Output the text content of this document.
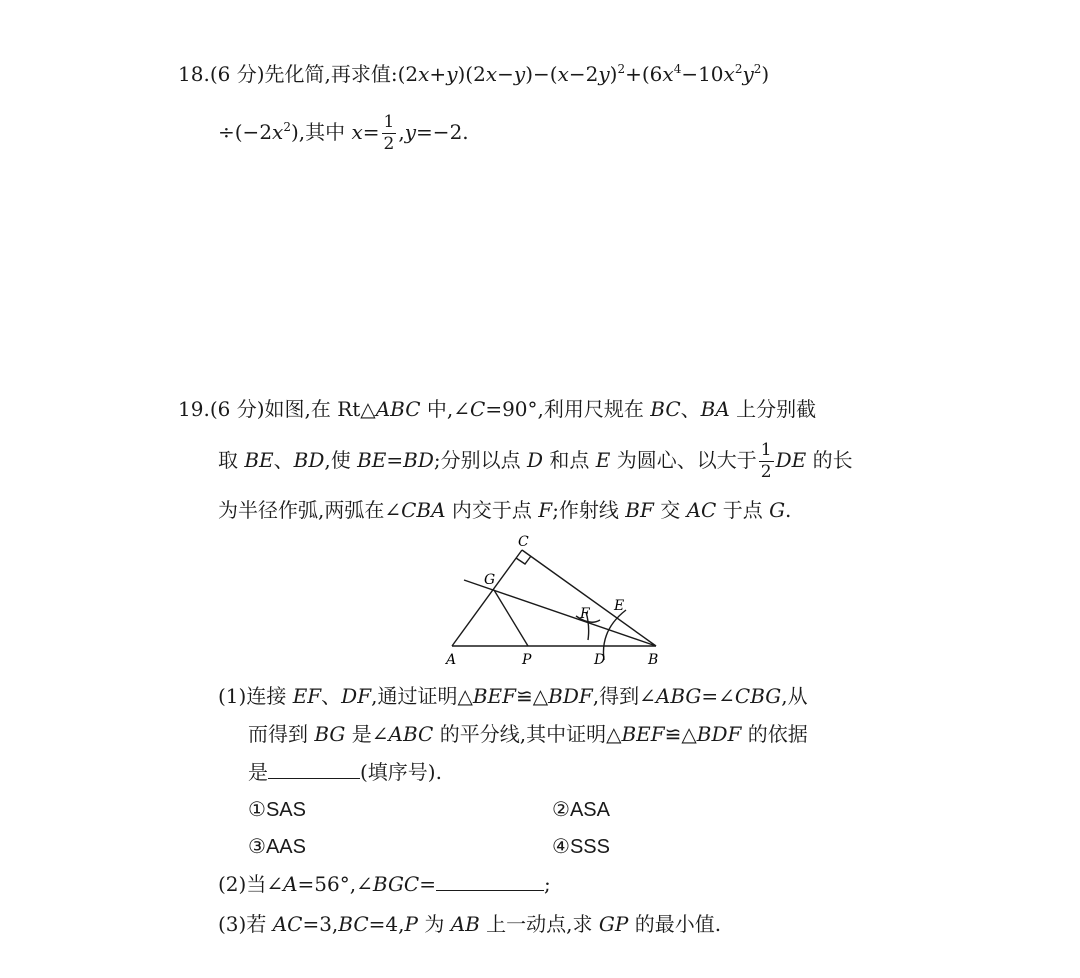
18.(6 分)先化简,再求值$:(2x+y)(2x-y)-(x-2y)^2+(6x^4-10x^2y^2)$
$\div(-2x^2)$,其中 $x= \frac{1}{2} ,y=-2$.
19.(6 分)如图,在 Rt△ABC 中,∠C=90°,利用尺规在 BC、BA 上分别截
取 BE、BD,使 BE=BD;分别以点 D 和点 E 为圆心、以大于 $\frac{1}{2}$ DE 的长
为半径作弧,两弧在∠CBA 内交于点 F;作射线 BF 交 AC 于点 G.
C
G
F E
A	P	D	B
(1)连接 EF、DF,通过证明△BEF≌△BDF,得到∠ABG=∠CBG,从
而得到 BG 是∠ABC 的平分线,其中证明△BEF≌△BDF 的依据
是	(填序号).
①SAS	②ASA
③AAS	④SSS
(2)当∠A=56°,∠BGC=	;
(3)若 AC=3,BC=4,P 为 AB 上一动点,求 GP 的最小值.
